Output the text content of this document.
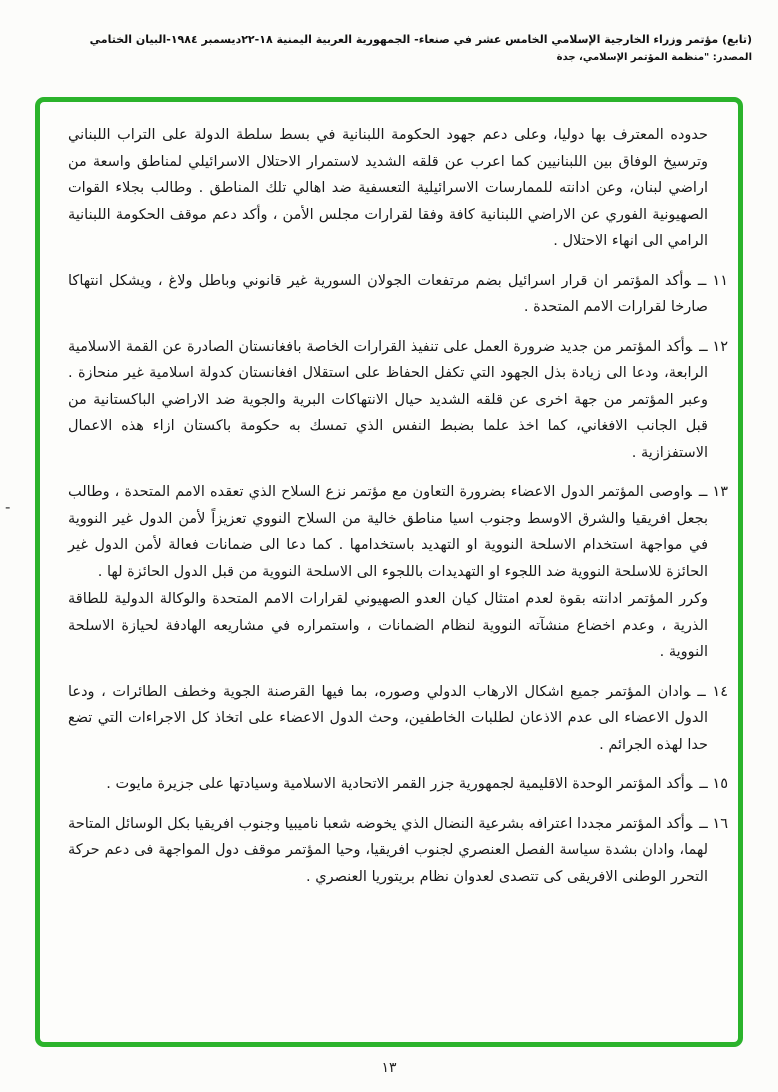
(تابع) مؤتمر وزراء الخارجية الإسلامي الخامس عشر في صنعاء- الجمهورية العربية اليمنية ١٨-٢٢ديسمبر ١٩٨٤-البيان الختامي
المصدر: "منظمة المؤتمر الإسلامي، جدة
-

حدوده المعترف بها دوليا، وعلى دعم جهود الحكومة اللبنانية في بسط سلطة الدولة على التراب اللبناني وترسيخ الوفاق بين اللبنانيين كما اعرب عن قلقه الشديد لاستمرار الاحتلال الاسرائيلي لمناطق واسعة من اراضي لبنان، وعن ادانته للممارسات الاسرائيلية التعسفية ضد اهالي تلك المناطق . وطالب بجلاء القوات الصهيونية الفوري عن الاراضي اللبنانية كافة وفقا لقرارات مجلس الأمن ، وأكد دعم موقف الحكومة اللبنانية الرامي الى انهاء الاحتلال .

١١ ــوأكد المؤتمر ان قرار اسرائيل بضم مرتفعات الجولان السورية غير قانوني وباطل ولاغ ، ويشكل انتهاكا صارخا لقرارات الامم المتحدة .

١٢ ــوأكد المؤتمر من جديد ضرورة العمل على تنفيذ القرارات الخاصة بافغانستان الصادرة عن القمة الاسلامية الرابعة، ودعا الى زيادة بذل الجهود التي تكفل الحفاظ على استقلال افغانستان كدولة اسلامية غير منحازة . وعبر المؤتمر من جهة اخرى عن قلقه الشديد حيال الانتهاكات البرية والجوية ضد الاراضي الباكستانية من قبل الجانب الافغاني، كما اخذ علما بضبط النفس الذي تمسك به حكومة باكستان ازاء هذه الاعمال الاستفزازية .

١٣ ــواوصى المؤتمر الدول الاعضاء بضرورة التعاون مع مؤتمر نزع السلاح الذي تعقده الامم المتحدة ، وطالب بجعل افريقيا والشرق الاوسط وجنوب اسيا مناطق خالية من السلاح النووي تعزيزاً لأمن الدول غير النووية في مواجهة استخدام الاسلحة النووية او التهديد باستخدامها . كما دعا الى ضمانات فعالة لأمن الدول غير الحائزة للاسلحة النووية ضد اللجوء او التهديدات باللجوء الى الاسلحة النووية من قبل الدول الحائزة لها .

وكرر المؤتمر ادانته بقوة لعدم امتثال كيان العدو الصهيوني لقرارات الامم المتحدة والوكالة الدولية للطاقة الذرية ، وعدم اخضاع منشآته النووية لنظام الضمانات ، واستمراره في مشاريعه الهادفة لحيازة الاسلحة النووية .

١٤ ــوادان المؤتمر جميع اشكال الارهاب الدولي وصوره، بما فيها القرصنة الجوية وخطف الطائرات ، ودعا الدول الاعضاء الى عدم الاذعان لطلبات الخاطفين، وحث الدول الاعضاء على اتخاذ كل الاجراءات التي تضع حدا لهذه الجرائم .

١٥ ــوأكد المؤتمر الوحدة الاقليمية لجمهورية جزر القمر الاتحادية الاسلامية وسيادتها على جزيرة مايوت .

١٦ ــوأكد المؤتمر مجددا اعترافه بشرعية النضال الذي يخوضه شعبا ناميبيا وجنوب افريقيا بكل الوسائل المتاحة لهما، وادان بشدة سياسة الفصل العنصري لجنوب افريقيا، وحيا المؤتمر موقف دول المواجهة فى دعم حركة التحرر الوطنى الافريقى كى تتصدى لعدوان نظام بريتوريا العنصري .

١٣
